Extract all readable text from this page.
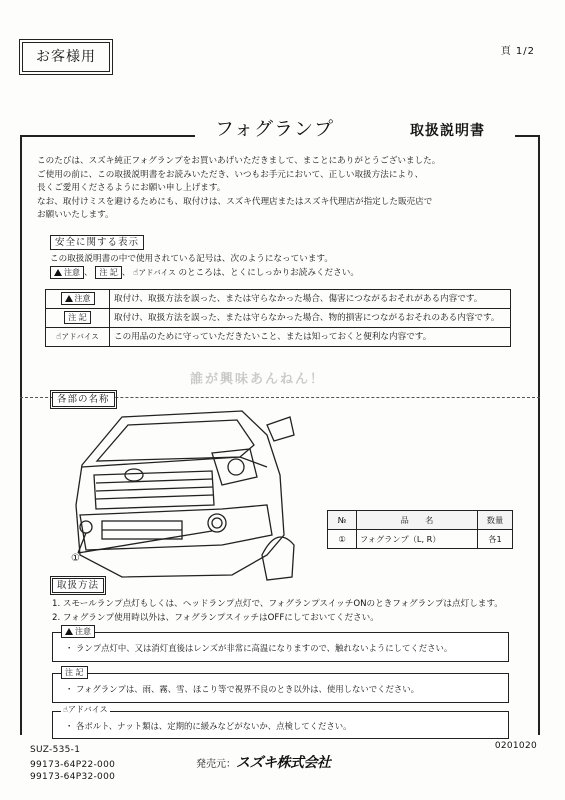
お客様用	頁 1/2
フォグランプ	取扱説明書
このたびは、スズキ純正フォグランプをお買いあげいただきまして、まことにありがとうございました。
ご使用の前に、この取扱説明書をお読みいただき、いつもお手元において、正しい取扱方法により、
長くご愛用くださるようにお願い申し上げます。
なお、取付けミスを避けるためにも、取付けは、スズキ代理店またはスズキ代理店が指定した販売店で
お願いいたします。
安全に関する表示
この取扱説明書の中で使用されている記号は、次のようになっています。
注意 、 注 記 、 ☝アドバイス のところは、とくにしっかりお読みください。
注意	取付け、取扱方法を誤った、または守らなかった場合、傷害につながるおそれがある内容です。
注 記	取付け、取扱方法を誤った、または守らなかった場合、物的損害につながるおそれのある内容です。
☝アドバイス	この用品のために守っていただきたいこと、または知っておくと便利な内容です。
誰が興味あんねん！
各部の名称
①
№	品　　名	数量
①	フォグランプ（L, R）	各1
取扱方法
1. スモールランプ点灯もしくは、ヘッドランプ点灯で、フォグランプスイッチONのときフォグランプは点灯します。
2. フォグランプ使用時以外は、フォグランプスイッチはOFFにしておいてください。
注意
・ ランプ点灯中、又は消灯直後はレンズが非常に高温になりますので、触れないようにしてください。
注 記
・ フォグランプは、雨、霧、雪、ほこり等で視界不良のとき以外は、使用しないでください。
☝アドバイス
・ 各ボルト、ナット類は、定期的に緩みなどがないか、点検してください。
SUZ-535-1	0201020
99173-64P22-000
99173-64P32-000
発売元：スズキ株式会社
